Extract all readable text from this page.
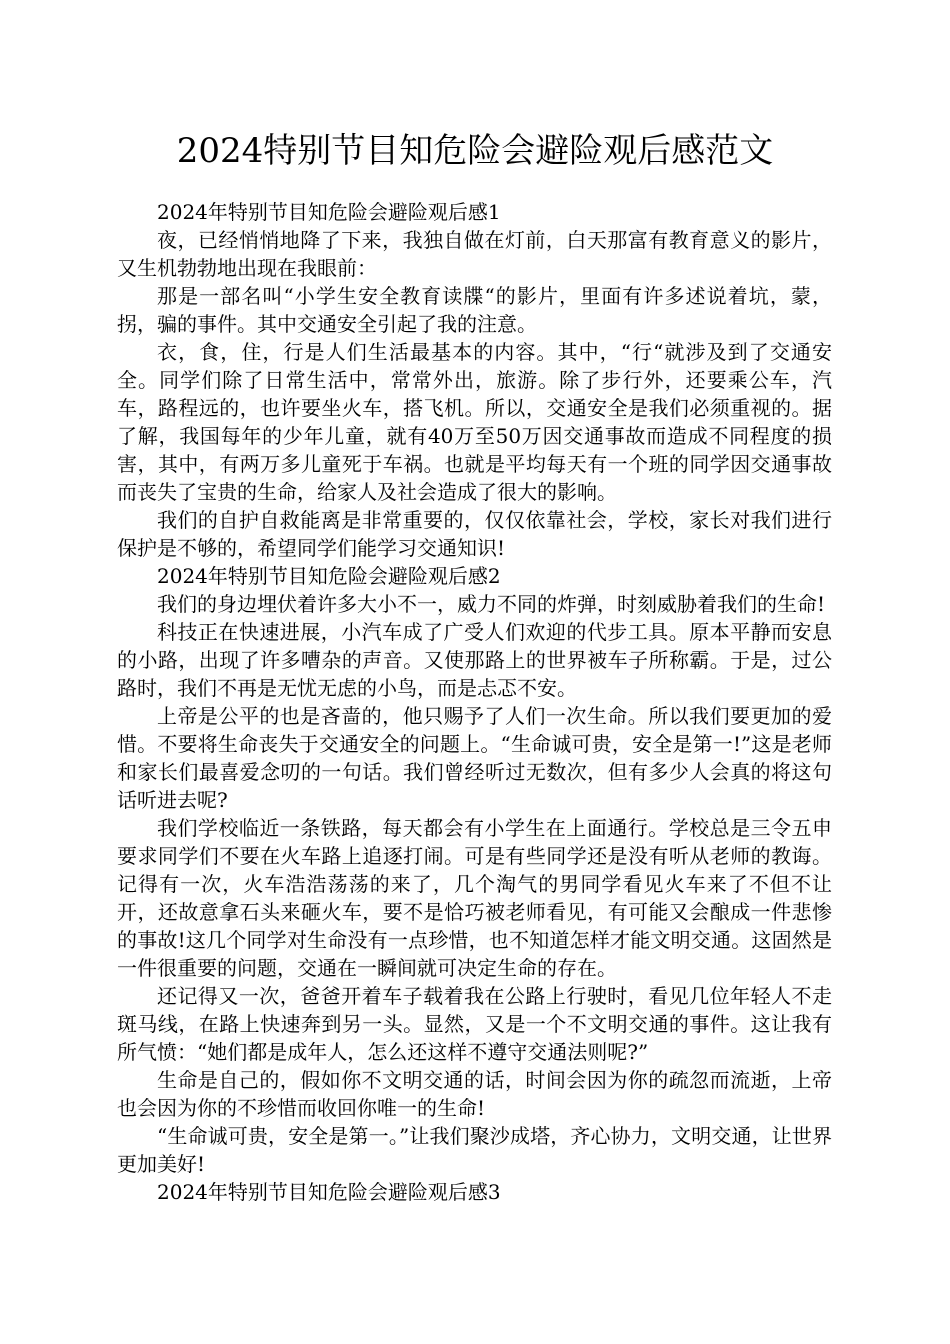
2024特别节目知危险会避险观后感范文

2024年特别节目知危险会避险观后感1

夜，已经悄悄地降了下来，我独自做在灯前，白天那富有教育意义的影片，又生机勃勃地出现在我眼前：

那是一部名叫“小学生安全教育读牒“的影片，里面有许多述说着坑，蒙，拐，骗的事件。其中交通安全引起了我的注意。

衣，食，住，行是人们生活最基本的内容。其中，“行“就涉及到了交通安全。同学们除了日常生活中，常常外出，旅游。除了步行外，还要乘公车，汽车，路程远的，也许要坐火车，搭飞机。所以，交通安全是我们必须重视的。据了解，我国每年的少年儿童，就有40万至50万因交通事故而造成不同程度的损害，其中，有两万多儿童死于车祸。也就是平均每天有一个班的同学因交通事故而丧失了宝贵的生命，给家人及社会造成了很大的影响。

我们的自护自救能离是非常重要的，仅仅依靠社会，学校，家长对我们进行保护是不够的，希望同学们能学习交通知识!

2024年特别节目知危险会避险观后感2

我们的身边埋伏着许多大小不一，威力不同的炸弹，时刻威胁着我们的生命!

科技正在快速进展，小汽车成了广受人们欢迎的代步工具。原本平静而安息的小路，出现了许多嘈杂的声音。又使那路上的世界被车子所称霸。于是，过公路时，我们不再是无忧无虑的小鸟，而是忐忑不安。

上帝是公平的也是吝啬的，他只赐予了人们一次生命。所以我们要更加的爱惜。不要将生命丧失于交通安全的问题上。“生命诚可贵，安全是第一!”这是老师和家长们最喜爱念叨的一句话。我们曾经听过无数次，但有多少人会真的将这句话听进去呢?

我们学校临近一条铁路，每天都会有小学生在上面通行。学校总是三令五申要求同学们不要在火车路上追逐打闹。可是有些同学还是没有听从老师的教诲。记得有一次，火车浩浩荡荡的来了，几个淘气的男同学看见火车来了不但不让开，还故意拿石头来砸火车，要不是恰巧被老师看见，有可能又会酿成一件悲惨的事故!这几个同学对生命没有一点珍惜，也不知道怎样才能文明交通。这固然是一件很重要的问题，交通在一瞬间就可决定生命的存在。

还记得又一次，爸爸开着车子载着我在公路上行驶时，看见几位年轻人不走斑马线，在路上快速奔到另一头。显然，又是一个不文明交通的事件。这让我有所气愤：“她们都是成年人，怎么还这样不遵守交通法则呢?”

生命是自己的，假如你不文明交通的话，时间会因为你的疏忽而流逝，上帝也会因为你的不珍惜而收回你唯一的生命!

“生命诚可贵，安全是第一。”让我们聚沙成塔，齐心协力，文明交通，让世界更加美好!

2024年特别节目知危险会避险观后感3
